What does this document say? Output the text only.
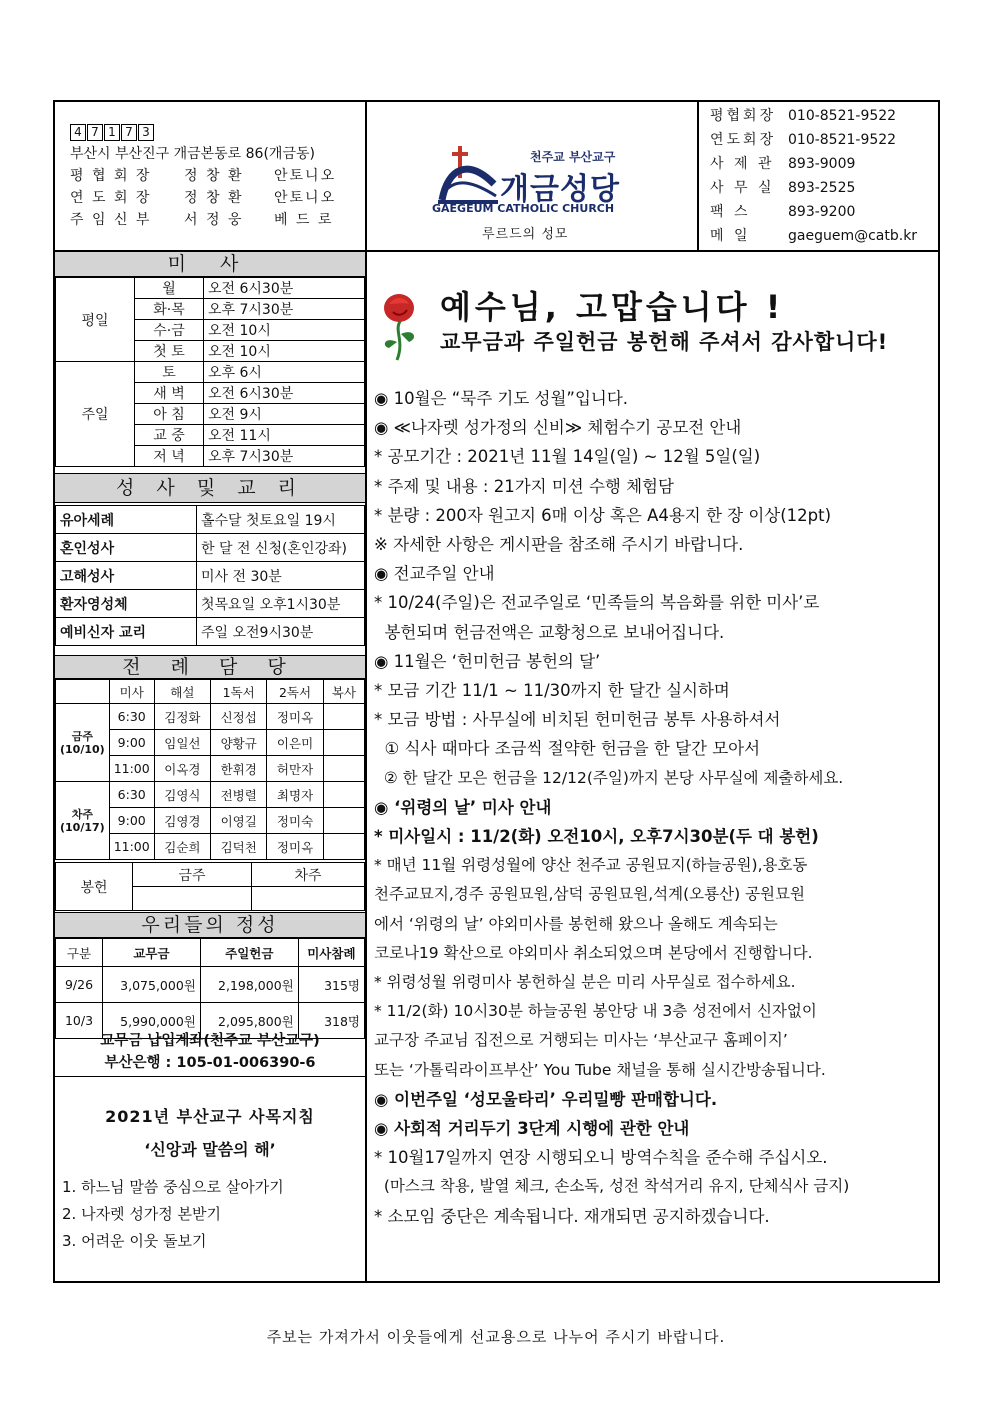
4 7 1 7 3
부산시 부산진구 개금본동로 86(개금동)
평 협 회 장	정 창 환	안토니오
연 도 회 장	정 창 환	안토니오
주 임 신 부	서 정 웅	베 드 로
천주교 부산교구
개금성당
GAEGEUM CATHOLIC CHURCH
루르드의 성모
평협회장 010-8521-9522
연도회장 010-8521-9522
사 제 관 893-9009
사 무 실 893-2525
팩 스	893-9200
메 일	gaeguem@catb.kr
미 사
평일	월	오전 6시30분
	화·목	오후 7시30분
	수·금	오전 10시
	첫 토	오전 10시
주일	토	오후 6시
	새 벽	오전 6시30분
	아 침	오전 9시
	교 중	오전 11시
	저 녁	오후 7시30분
성 사 및 교 리
유아세례	홀수달 첫토요일 19시
혼인성사	한 달 전 신청(혼인강좌)
고해성사	미사 전 30분
환자영성체	첫목요일 오후1시30분
예비신자 교리	주일 오전9시30분
전 례 담 당
	미사	해설	1독서	2독서	복사
금주(10/10)	6:30	김정화	신정섭	정미옥	
	9:00	임일선	양황규	이은미	
	11:00	이옥경	한휘경	허만자	
차주(10/17)	6:30	김영식	전병렬	최명자	
	9:00	김영경	이영길	정미숙	
	11:00	김순희	김덕천	정미옥	
봉헌	금주	차주

우리들의 정성
구분	교무금	주일헌금	미사참례
9/26	3,075,000원	2,198,000원	315명
10/3	5,990,000원	2,095,800원	318명
교무금 납입계좌(천주교 부산교구)
부산은행 : 105-01-006390-6
2021년 부산교구 사목지침
‘신앙과 말씀의 해’
1. 하느님 말씀 중심으로 살아가기
2. 나자렛 성가정 본받기
3. 어려운 이웃 돌보기
예수님, 고맙습니다 !
교무금과 주일헌금 봉헌해 주셔서 감사합니다!
◉ 10월은 “묵주 기도 성월”입니다.
◉ ≪나자렛 성가정의 신비≫ 체험수기 공모전 안내
* 공모기간 : 2021년 11월 14일(일) ~ 12월 5일(일)
* 주제 및 내용 : 21가지 미션 수행 체험담
* 분량 : 200자 원고지 6매 이상 혹은 A4용지 한 장 이상(12pt)
※ 자세한 사항은 게시판을 참조해 주시기 바랍니다.
◉ 전교주일 안내
* 10/24(주일)은 전교주일로 ‘민족들의 복음화를 위한 미사’로
봉헌되며 헌금전액은 교황청으로 보내어집니다.
◉ 11월은 ‘헌미헌금 봉헌의 달’
* 모금 기간 11/1 ~ 11/30까지 한 달간 실시하며
* 모금 방법 : 사무실에 비치된 헌미헌금 봉투 사용하셔서
① 식사 때마다 조금씩 절약한 헌금을 한 달간 모아서
② 한 달간 모은 헌금을 12/12(주일)까지 본당 사무실에 제출하세요.
◉ ‘위령의 날’ 미사 안내
* 미사일시 : 11/2(화) 오전10시, 오후7시30분(두 대 봉헌)
* 매년 11월 위령성월에 양산 천주교 공원묘지(하늘공원),용호동
천주교묘지,경주 공원묘원,삼덕 공원묘원,석계(오룡산) 공원묘원
에서 ‘위령의 날’ 야외미사를 봉헌해 왔으나 올해도 계속되는
코로나19 확산으로 야외미사 취소되었으며 본당에서 진행합니다.
* 위령성월 위령미사 봉헌하실 분은 미리 사무실로 접수하세요.
* 11/2(화) 10시30분 하늘공원 봉안당 내 3층 성전에서 신자없이
교구장 주교님 집전으로 거행되는 미사는 ‘부산교구 홈페이지’
또는 ‘가톨릭라이프부산’ You Tube 채널을 통해 실시간방송됩니다.
◉ 이번주일 ‘성모울타리’ 우리밀빵 판매합니다.
◉ 사회적 거리두기 3단계 시행에 관한 안내
* 10월17일까지 연장 시행되오니 방역수칙을 준수해 주십시오.
(마스크 착용, 발열 체크, 손소독, 성전 착석거리 유지, 단체식사 금지)
* 소모임 중단은 계속됩니다. 재개되면 공지하겠습니다.
주보는 가져가서 이웃들에게 선교용으로 나누어 주시기 바랍니다.
